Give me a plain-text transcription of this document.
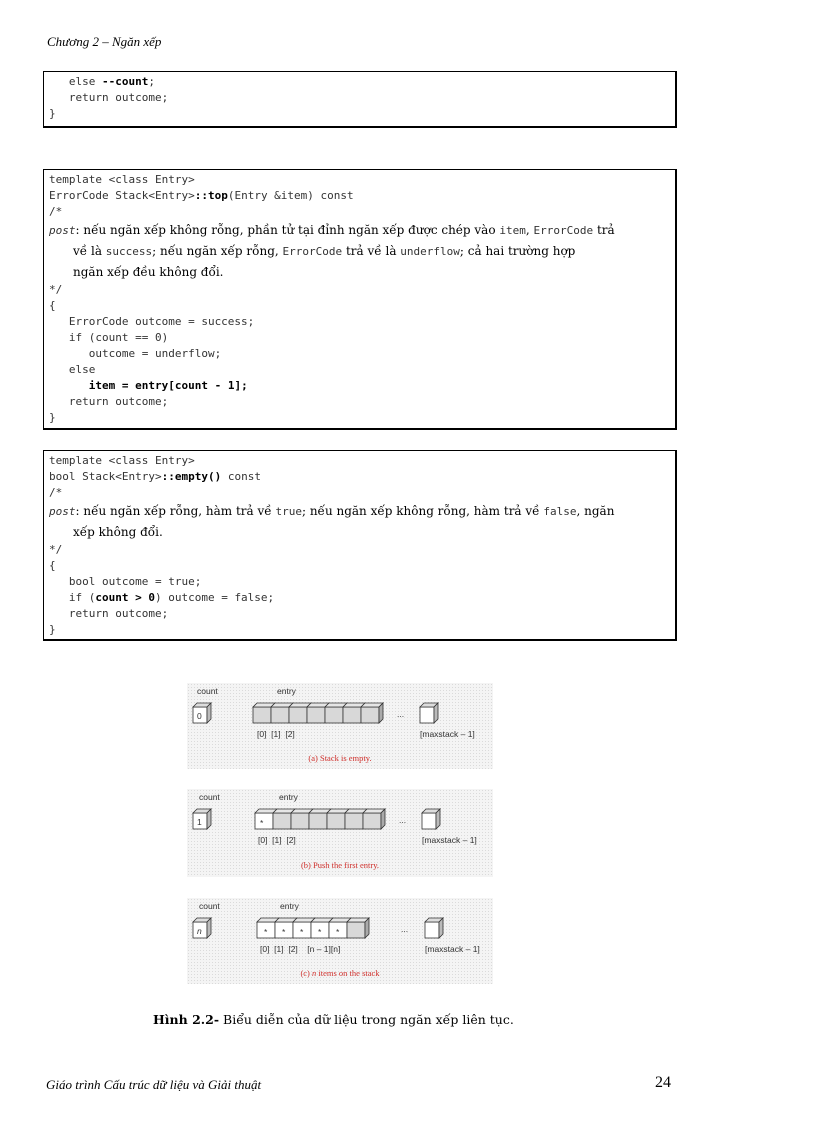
Chương 2 – Ngăn xếp
else --count;
return outcome;
}
template <class Entry>
ErrorCode Stack<Entry>::top(Entry &item) const
/*
post: nếu ngăn xếp không rỗng, phần tử tại đỉnh ngăn xếp được chép vào item, ErrorCode trả
về là success; nếu ngăn xếp rỗng, ErrorCode trả về là underflow; cả hai trường hợp
ngăn xếp đều không đổi.
*/
{
ErrorCode outcome = success;
if (count == 0)
outcome = underflow;
else
item = entry[count - 1];
return outcome;
}
template <class Entry>
bool Stack<Entry>::empty() const
/*
post: nếu ngăn xếp rỗng, hàm trả về true; nếu ngăn xếp không rỗng, hàm trả về false, ngăn
xếp không đổi.
*/
{
bool outcome = true;
if (count > 0) outcome = false;
return outcome;
}
count	entry
0	...
[0]  [1]  [2]	[maxstack – 1]
(a) Stack is empty.
count	entry
1	*	...
[0]  [1]  [2]	[maxstack – 1]
(b) Push the first entry.
count	entry
n	* * * * *	...
[0]  [1]  [2]    [n – 1][n]	[maxstack – 1]
(c) n items on the stack
Hình 2.2- Biểu diễn của dữ liệu trong ngăn xếp liên tục.
Giáo trình Cấu trúc dữ liệu và Giải thuật	24
